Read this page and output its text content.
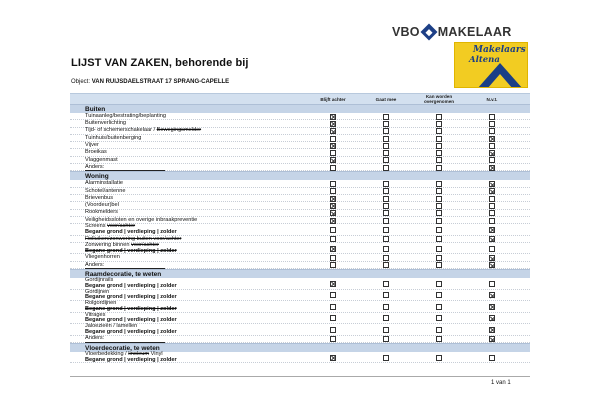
VBO MAKELAAR
Makelaars
Altena
LIJST VAN ZAKEN, behorende bij
Object: VAN RUIJSDAELSTRAAT 17 SPRANG-CAPELLE
Blijft achter	Gaat mee
Kan worden overgenomen	N.v.t.
Buiten
Tuinaanleg/bestrating/beplanting
Buitenverlichting
Tijd- of schemerschakelaar / Bewegingsmelder
Tuinhuis/buitenberging
Vijver
Broeikas
Vlaggenmast
Anders:
Woning
Alarminstallatie
Schotel/antenne
Brievenbus
(Voordeur)bel
Rookmelders
Veiligheidssloten en overige inbraakpreventie
Screens voor/achter
Begane grond | verdieping | zolder
Rolluiken/zonwering buiten voor/achter
Zonwering binnen voor/achter
Begane grond | verdieping | zolder
Vliegenhorren
Anders:
Raamdecoratie, te weten
Gordijnrails
Begane grond | verdieping | zolder
Gordijnen
Begane grond | verdieping | zolder
Rolgordijnen
Begane grond | verdieping | zolder
Vitrages
Begane grond | verdieping | zolder
Jaloezieën / lamellen
Begane grond | verdieping | zolder
Anders:
Vloerdecoratie, te weten
Vloerbedekking / linoleum Vinyl
Begane grond | verdieping | zolder
1 van 1
